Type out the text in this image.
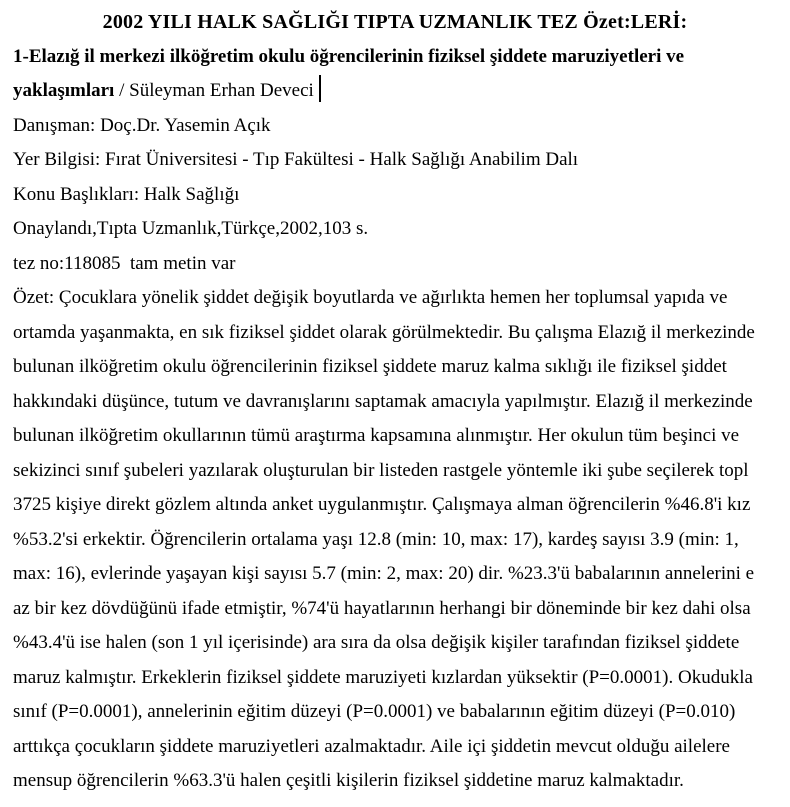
2002 YILI HALK SAĞLIĞI TIPTA UZMANLIK TEZ Özet:LERİ:
1-Elazığ il merkezi ilköğretim okulu öğrencilerinin fiziksel şiddete maruziyetleri ve
yaklaşımları / Süleyman Erhan Deveci
Danışman: Doç.Dr. Yasemin Açık
Yer Bilgisi: Fırat Üniversitesi - Tıp Fakültesi - Halk Sağlığı Anabilim Dalı
Konu Başlıkları: Halk Sağlığı
Onaylandı,Tıpta Uzmanlık,Türkçe,2002,103 s.
tez no:118085  tam metin var
Özet: Çocuklara yönelik şiddet değişik boyutlarda ve ağırlıkta hemen her toplumsal yapıda ve
ortamda yaşanmakta, en sık fiziksel şiddet olarak görülmektedir. Bu çalışma Elazığ il merkezinde
bulunan ilköğretim okulu öğrencilerinin fiziksel şiddete maruz kalma sıklığı ile fiziksel şiddet
hakkındaki düşünce, tutum ve davranışlarını saptamak amacıyla yapılmıştır. Elazığ il merkezinde
bulunan ilköğretim okullarının tümü araştırma kapsamına alınmıştır. Her okulun tüm beşinci ve
sekizinci sınıf şubeleri yazılarak oluşturulan bir listeden rastgele yöntemle iki şube seçilerek topl
3725 kişiye direkt gözlem altında anket uygulanmıştır. Çalışmaya alman öğrencilerin %46.8'i kız
%53.2'si erkektir. Öğrencilerin ortalama yaşı 12.8 (min: 10, max: 17), kardeş sayısı 3.9 (min: 1,
max: 16), evlerinde yaşayan kişi sayısı 5.7 (min: 2, max: 20) dir. %23.3'ü babalarının annelerini e
az bir kez dövdüğünü ifade etmiştir, %74'ü hayatlarının herhangi bir döneminde bir kez dahi olsa
%43.4'ü ise halen (son 1 yıl içerisinde) ara sıra da olsa değişik kişiler tarafından fiziksel şiddete
maruz kalmıştır. Erkeklerin fiziksel şiddete maruziyeti kızlardan yüksektir (P=0.0001). Okudukla
sınıf (P=0.0001), annelerinin eğitim düzeyi (P=0.0001) ve babalarının eğitim düzeyi (P=0.010)
arttıkça çocukların şiddete maruziyetleri azalmaktadır. Aile içi şiddetin mevcut olduğu ailelere
mensup öğrencilerin %63.3'ü halen çeşitli kişilerin fiziksel şiddetine maruz kalmaktadır.
